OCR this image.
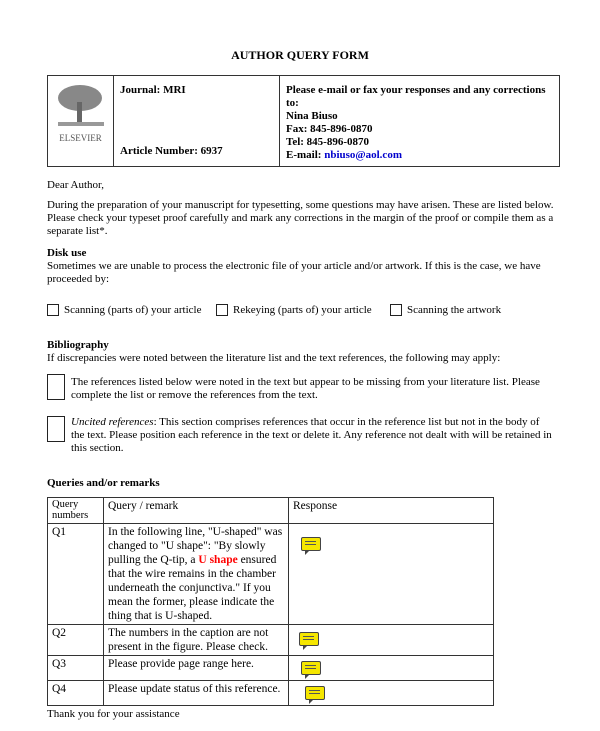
AUTHOR QUERY FORM
ELSEVIER
Journal: MRI
Article Number: 6937
Please e-mail or fax your responses and any corrections to:
Nina Biuso
Fax: 845-896-0870
Tel: 845-896-0870
E-mail: nbiuso@aol.com
Dear Author,
During the preparation of your manuscript for typesetting, some questions may have arisen. These are listed below. Please check your typeset proof carefully and mark any corrections in the margin of the proof or compile them as a separate list*.
Disk use
Sometimes we are unable to process the electronic file of your article and/or artwork. If this is the case, we have proceeded by:
Scanning (parts of) your article	Rekeying (parts of) your article	Scanning the artwork
Bibliography
If discrepancies were noted between the literature list and the text references, the following may apply:
The references listed below were noted in the text but appear to be missing from your literature list. Please complete the list or remove the references from the text.
Uncited references: This section comprises references that occur in the reference list but not in the body of the text. Please position each reference in the text or delete it. Any reference not dealt with will be retained in this section.
Queries and/or remarks
Query numbers	Query / remark	Response
Q1	In the following line, "U-shaped" was changed to "U shape": "By slowly pulling the Q-tip, a U shape ensured that the wire remains in the chamber underneath the conjunctiva." If you mean the former, please indicate the thing that is U-shaped.	
Q2	The numbers in the caption are not present in the figure. Please check.	
Q3	Please provide page range here.	
Q4	Please update status of this reference.	
Thank you for your assistance
